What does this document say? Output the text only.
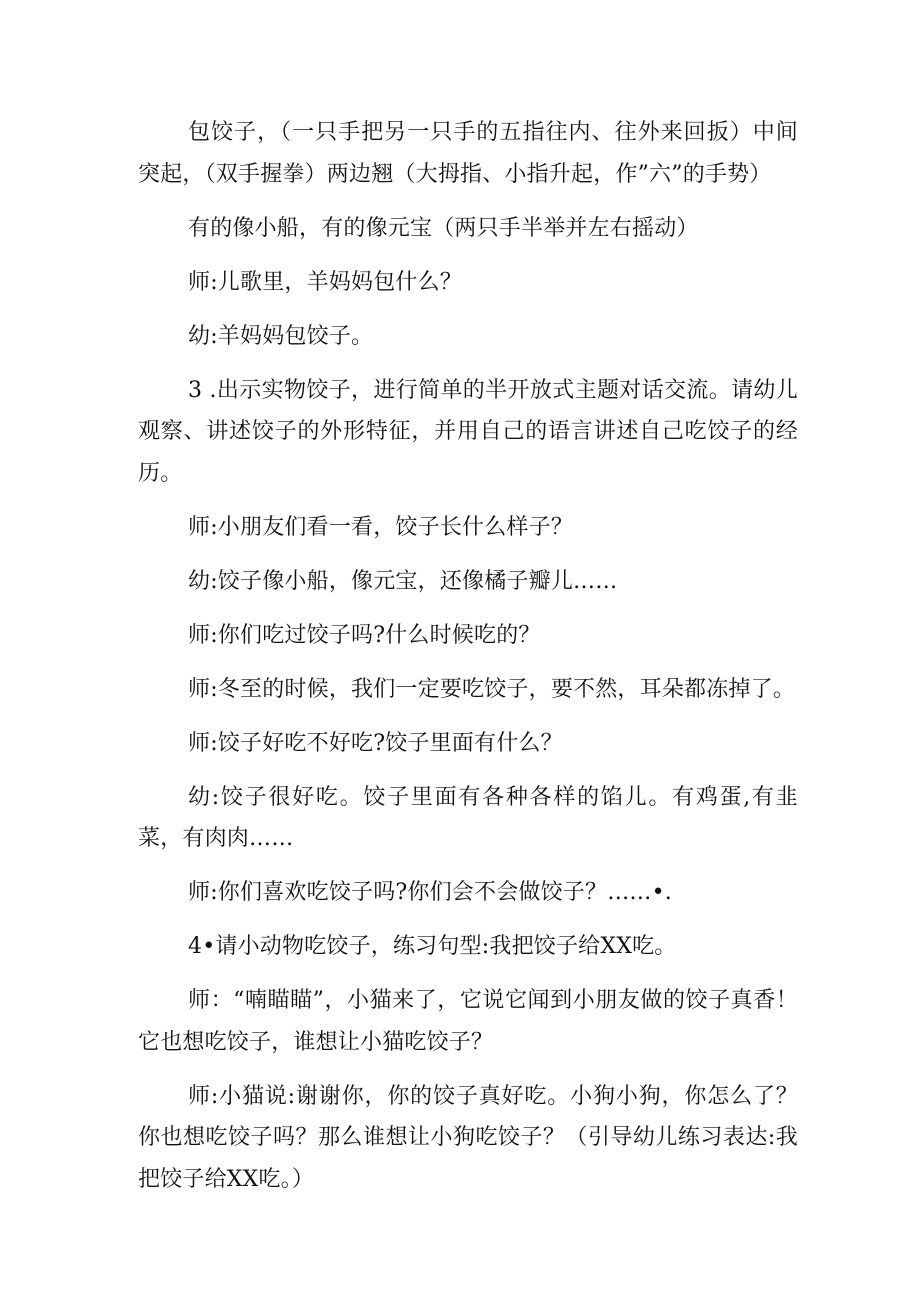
包饺子，（一只手把另一只手的五指往内、往外来回扳）中间突起，（双手握拳）两边翘（大拇指、小指升起，作”六”的手势）

有的像小船，有的像元宝（两只手半举并左右摇动）

师:儿歌里，羊妈妈包什么？

幼:羊妈妈包饺子。

3 .出示实物饺子，进行简单的半开放式主题对话交流。请幼儿观察、讲述饺子的外形特征，并用自己的语言讲述自己吃饺子的经历。

师:小朋友们看一看，饺子长什么样子？

幼:饺子像小船，像元宝，还像橘子瓣儿……

师:你们吃过饺子吗?什么时候吃的？

师:冬至的时候，我们一定要吃饺子，要不然，耳朵都冻掉了。

师:饺子好吃不好吃?饺子里面有什么？

幼:饺子很好吃。饺子里面有各种各样的馅儿。有鸡蛋,有韭菜，有肉肉……

师:你们喜欢吃饺子吗?你们会不会做饺子？……•.

4•请小动物吃饺子，练习句型:我把饺子给XX吃。

师：“喃瞄瞄”，小猫来了，它说它闻到小朋友做的饺子真香！它也想吃饺子，谁想让小猫吃饺子？

师:小猫说:谢谢你，你的饺子真好吃。小狗小狗，你怎么了？你也想吃饺子吗？那么谁想让小狗吃饺子？（引导幼儿练习表达:我把饺子给XX吃。）
